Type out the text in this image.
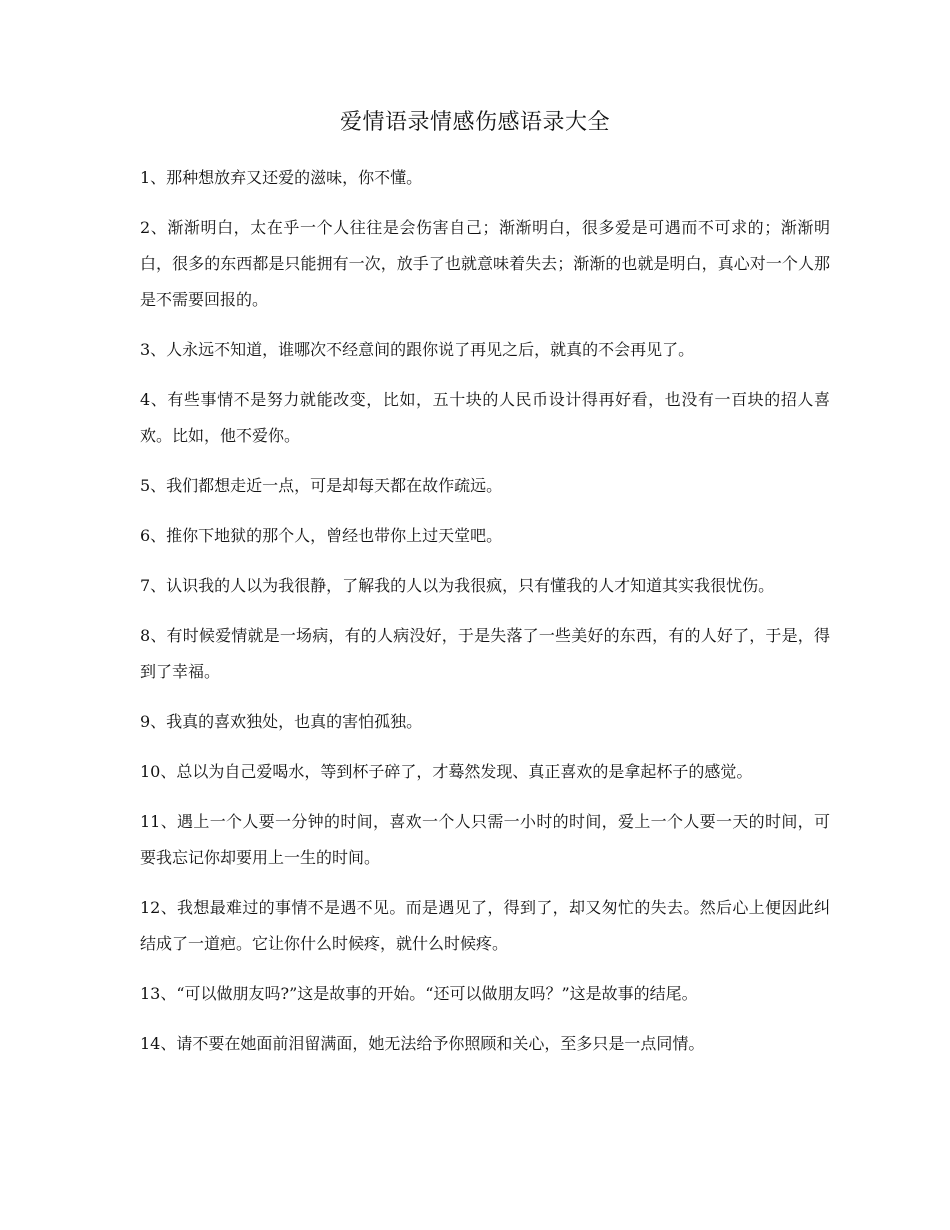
爱情语录情感伤感语录大全

1、那种想放弃又还爱的滋味，你不懂。

2、渐渐明白，太在乎一个人往往是会伤害自己；渐渐明白，很多爱是可遇而不可求的；渐渐明白，很多的东西都是只能拥有一次，放手了也就意味着失去；渐渐的也就是明白，真心对一个人那是不需要回报的。

3、人永远不知道，谁哪次不经意间的跟你说了再见之后，就真的不会再见了。

4、有些事情不是努力就能改变，比如，五十块的人民币设计得再好看，也没有一百块的招人喜欢。比如，他不爱你。

5、我们都想走近一点，可是却每天都在故作疏远。

6、推你下地狱的那个人，曾经也带你上过天堂吧。

7、认识我的人以为我很静，了解我的人以为我很疯，只有懂我的人才知道其实我很忧伤。

8、有时候爱情就是一场病，有的人病没好，于是失落了一些美好的东西，有的人好了，于是，得到了幸福。

9、我真的喜欢独处，也真的害怕孤独。

10、总以为自己爱喝水，等到杯子碎了，才蓦然发现、真正喜欢的是拿起杯子的感觉。

11、遇上一个人要一分钟的时间，喜欢一个人只需一小时的时间，爱上一个人要一天的时间，可要我忘记你却要用上一生的时间。

12、我想最难过的事情不是遇不见。而是遇见了，得到了，却又匆忙的失去。然后心上便因此纠结成了一道疤。它让你什么时候疼，就什么时候疼。

13、“可以做朋友吗?”这是故事的开始。“还可以做朋友吗？”这是故事的结尾。

14、请不要在她面前泪留满面，她无法给予你照顾和关心，至多只是一点同情。
